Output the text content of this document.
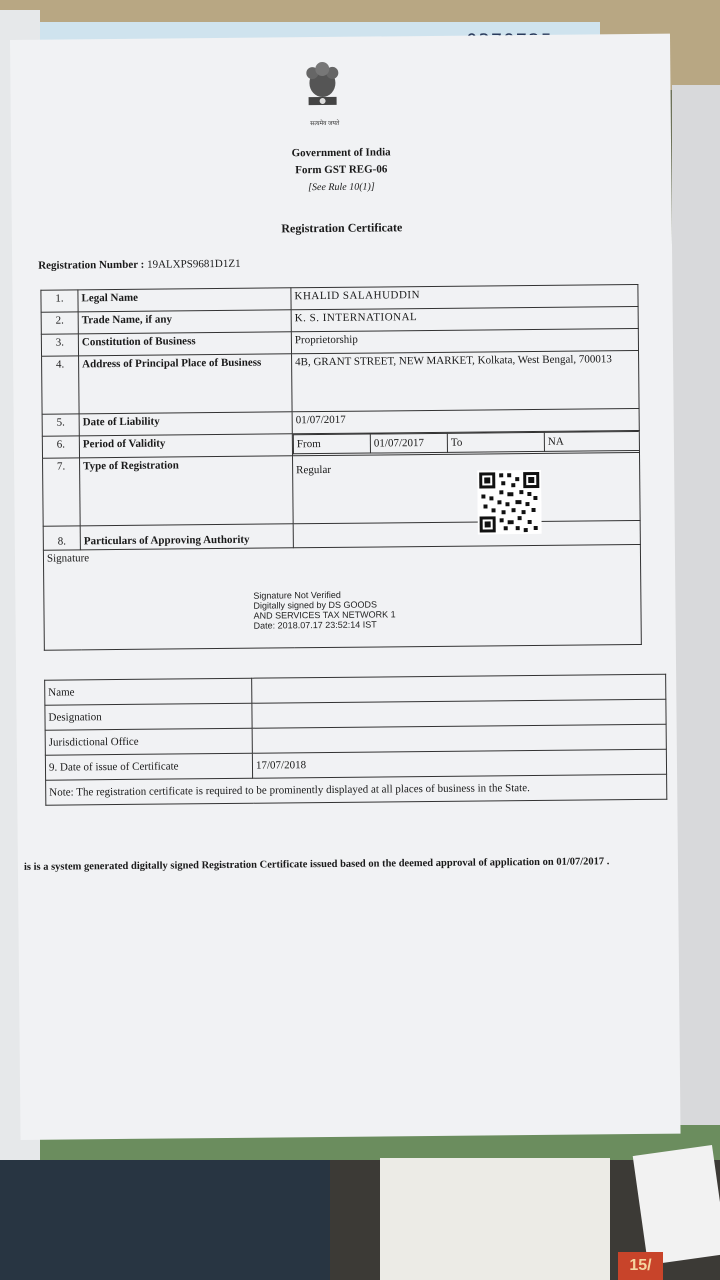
15/
सत्यमेव जयते
Government of India
Form GST REG-06
[See Rule 10(1)]
Registration Certificate
Registration Number : 19ALXPS9681D1Z1
1.	Legal Name	KHALID SALAHUDDIN
2.	Trade Name, if any	K. S. INTERNATIONAL
3.	Constitution of Business	Proprietorship
4.	Address of Principal Place of Business	4B, GRANT STREET, NEW MARKET, Kolkata, West Bengal, 700013
5.	Date of Liability	01/07/2017
6.	Period of Validity		From	01/07/2017	To	NA

7.	Type of Registration	Regular
8.	Particulars of Approving Authority	
Signature
Signature Not Verified
Digitally signed by DS GOODS
AND SERVICES TAX NETWORK 1
Date: 2018.07.17 23:52:14 IST
Name	
Designation	
Jurisdictional Office	
9. Date of issue of Certificate	17/07/2018
Note: The registration certificate is required to be prominently displayed at all places of business in the State.	
is is a system generated digitally signed Registration Certificate issued based on the deemed approval of application on 01/07/2017 .
